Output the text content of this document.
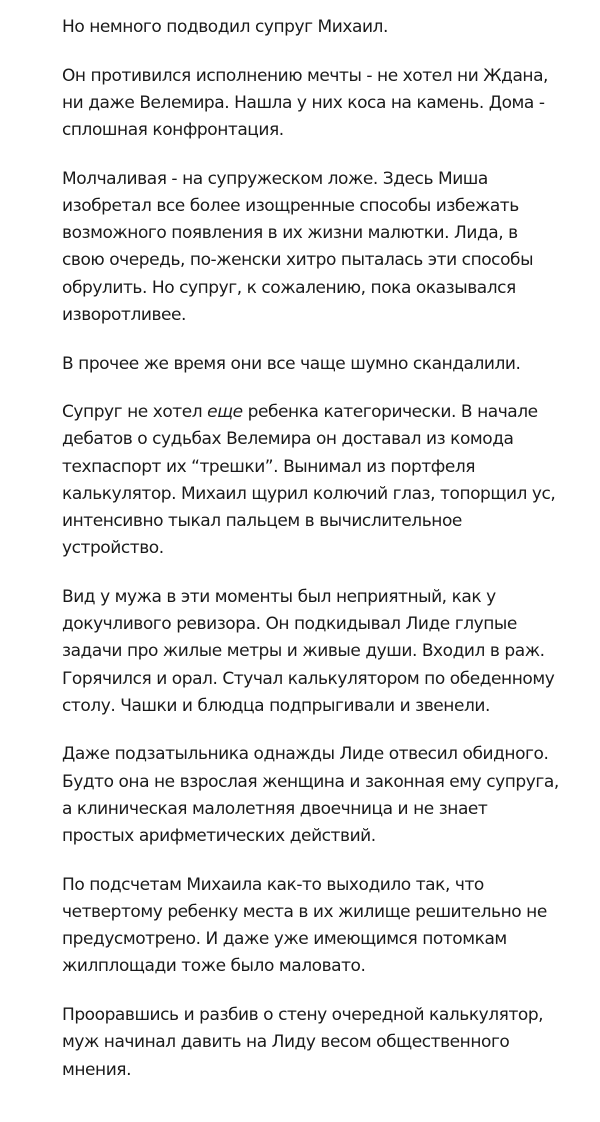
Но немного подводил супруг Михаил.

Он противился исполнению мечты - не хотел ни Ждана, ни даже Велемира. Нашла у них коса на камень. Дома - сплошная конфронтация.

Молчаливая - на супружеском ложе. Здесь Миша изобретал все более изощренные способы избежать возможного появления в их жизни малютки. Лида, в свою очередь, по-женски хитро пыталась эти способы обрулить. Но супруг, к сожалению, пока оказывался изворотливее.

В прочее же время они все чаще шумно скандалили.

Супруг не хотел еще ребенка категорически. В начале дебатов о судьбах Велемира он доставал из комода техпаспорт их “трешки”. Вынимал из портфеля калькулятор. Михаил щурил колючий глаз, топорщил ус, интенсивно тыкал пальцем в вычислительное устройство.

Вид у мужа в эти моменты был неприятный, как у докучливого ревизора. Он подкидывал Лиде глупые задачи про жилые метры и живые души. Входил в раж. Горячился и орал. Стучал калькулятором по обеденному столу. Чашки и блюдца подпрыгивали и звенели.

Даже подзатыльника однажды Лиде отвесил обидного. Будто она не взрослая женщина и законная ему супруга, а клиническая малолетняя двоечница и не знает простых арифметических действий.

По подсчетам Михаила как-то выходило так, что четвертому ребенку места в их жилище решительно не предусмотрено. И даже уже имеющимся потомкам жилплощади тоже было маловато.

Прооравшись и разбив о стену очередной калькулятор, муж начинал давить на Лиду весом общественного мнения.
